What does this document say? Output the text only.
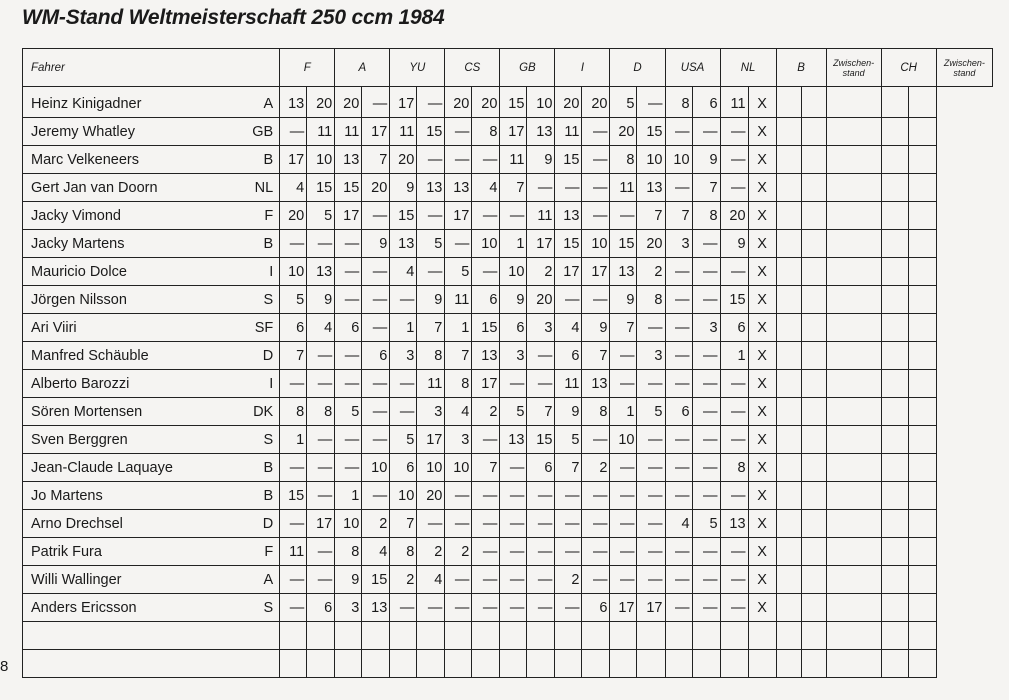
WM-Stand Weltmeisterschaft 250 ccm 1984
Fahrer		F		A		YU		CS		GB		I		D		USA		NL		B		Zwischen-stand	CH		Zwischen-stand
Heinz Kinigadner	A	13	20	20	—	17	—	20	20	15	10	20	20	5	—	8	6	11	X						
Jeremy Whatley	GB	—	11	11	17	11	15	—	8	17	13	11	—	20	15	—	—	—	X						
Marc Velkeneers	B	17	10	13	7	20	—	—	—	11	9	15	—	8	10	10	9	—	X						
Gert Jan van Doorn	NL	4	15	15	20	9	13	13	4	7	—	—	—	11	13	—	7	—	X						
Jacky Vimond	F	20	5	17	—	15	—	17	—	—	11	13	—	—	7	7	8	20	X						
Jacky Martens	B	—	—	—	9	13	5	—	10	1	17	15	10	15	20	3	—	9	X						
Mauricio Dolce	I	10	13	—	—	4	—	5	—	10	2	17	17	13	2	—	—	—	X						
Jörgen Nilsson	S	5	9	—	—	—	9	11	6	9	20	—	—	9	8	—	—	15	X						
Ari Viiri	SF	6	4	6	—	1	7	1	15	6	3	4	9	7	—	—	3	6	X						
Manfred Schäuble	D	7	—	—	6	3	8	7	13	3	—	6	7	—	3	—	—	1	X						
Alberto Barozzi	I	—	—	—	—	—	11	8	17	—	—	11	13	—	—	—	—	—	X						
Sören Mortensen	DK	8	8	5	—	—	3	4	2	5	7	9	8	1	5	6	—	—	X						
Sven Berggren	S	1	—	—	—	5	17	3	—	13	15	5	—	10	—	—	—	—	X						
Jean-Claude Laquaye	B	—	—	—	10	6	10	10	7	—	6	7	2	—	—	—	—	8	X						
Jo Martens	B	15	—	1	—	10	20	—	—	—	—	—	—	—	—	—	—	—	X						
Arno Drechsel	D	—	17	10	2	7	—	—	—	—	—	—	—	—	—	4	5	13	X						
Patrik Fura	F	11	—	8	4	8	2	2	—	—	—	—	—	—	—	—	—	—	X						
Willi Wallinger	A	—	—	9	15	2	4	—	—	—	—	2	—	—	—	—	—	—	X						
Anders Ericsson	S	—	6	3	13	—	—	—	—	—	—	—	6	17	17	—	—	—	X						

8
